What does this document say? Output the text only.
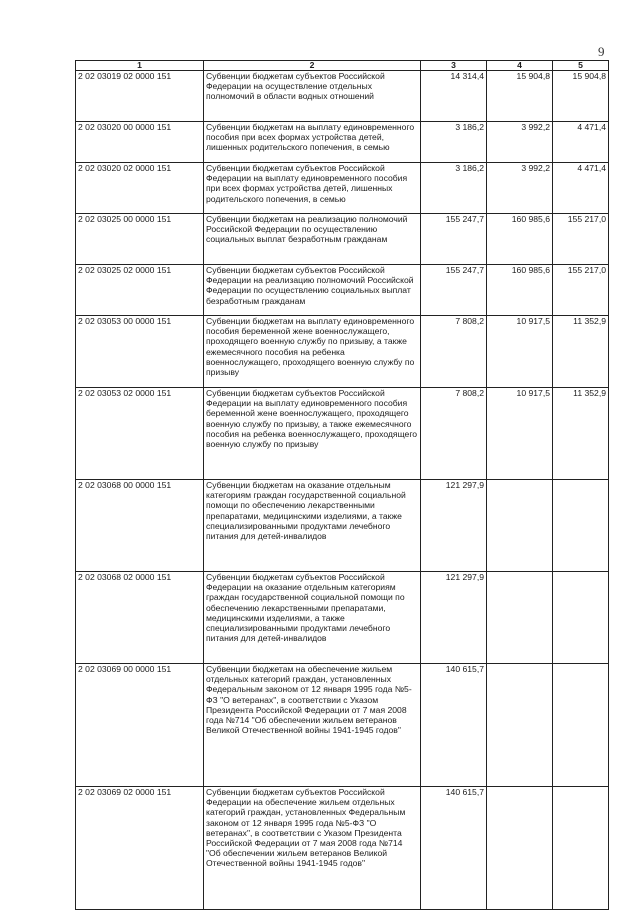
9
1	2	3	4	5
2 02 03019 02 0000 151	Субвенции бюджетам субъектов Российской Федерации на осуществление отдельных полномочий в области водных отношений	14 314,4	15 904,8	15 904,8
2 02 03020 00 0000 151	Субвенции бюджетам на выплату единовременного пособия при всех формах устройства детей, лишенных родительского попечения, в семью	3 186,2	3 992,2	4 471,4
2 02 03020 02 0000 151	Субвенции бюджетам субъектов Российской Федерации на выплату единовременного пособия при всех формах устройства детей, лишенных родительского попечения, в семью	3 186,2	3 992,2	4 471,4
2 02 03025 00 0000 151	Субвенции бюджетам на реализацию полномочий Российской Федерации по осуществлению социальных выплат безработным гражданам	155 247,7	160 985,6	155 217,0
2 02 03025 02 0000 151	Субвенции бюджетам субъектов Российской Федерации на реализацию полномочий Российской Федерации по осуществлению социальных выплат безработным гражданам	155 247,7	160 985,6	155 217,0
2 02 03053 00 0000 151	Субвенции бюджетам на выплату единовременного пособия беременной жене военнослужащего, проходящего военную службу по призыву, а также ежемесячного пособия на ребенка военнослужащего, проходящего военную службу по призыву	7 808,2	10 917,5	11 352,9
2 02 03053 02 0000 151	Субвенции бюджетам субъектов Российской Федерации на выплату единовременного пособия беременной жене военнослужащего, проходящего военную службу по призыву, а также ежемесячного пособия на ребенка военнослужащего, проходящего военную службу по призыву	7 808,2	10 917,5	11 352,9
2 02 03068 00 0000 151	Субвенции бюджетам на оказание отдельным категориям граждан государственной социальной помощи по обеспечению лекарственными препаратами, медицинскими изделиями, а также специализированными продуктами лечебного питания для детей-инвалидов	121 297,9		
2 02 03068 02 0000 151	Субвенции бюджетам субъектов Российской Федерации на оказание отдельным категориям граждан государственной социальной помощи по обеспечению лекарственными препаратами, медицинскими изделиями, а также специализированными продуктами лечебного питания для детей-инвалидов	121 297,9		
2 02 03069 00 0000 151	Субвенции бюджетам на обеспечение жильем отдельных категорий граждан, установленных Федеральным законом от 12 января 1995 года №5-ФЗ "О ветеранах", в соответствии с Указом Президента Российской Федерации от 7 мая 2008 года №714 "Об обеспечении жильем ветеранов Великой Отечественной войны 1941-1945 годов"	140 615,7		
2 02 03069 02 0000 151	Субвенции бюджетам субъектов Российской Федерации на обеспечение жильем отдельных категорий граждан, установленных Федеральным законом от 12 января 1995 года №5-ФЗ "О ветеранах", в соответствии с Указом Президента Российской Федерации от 7 мая 2008 года №714 "Об обеспечении жильем ветеранов Великой Отечественной войны 1941-1945 годов"	140 615,7		
